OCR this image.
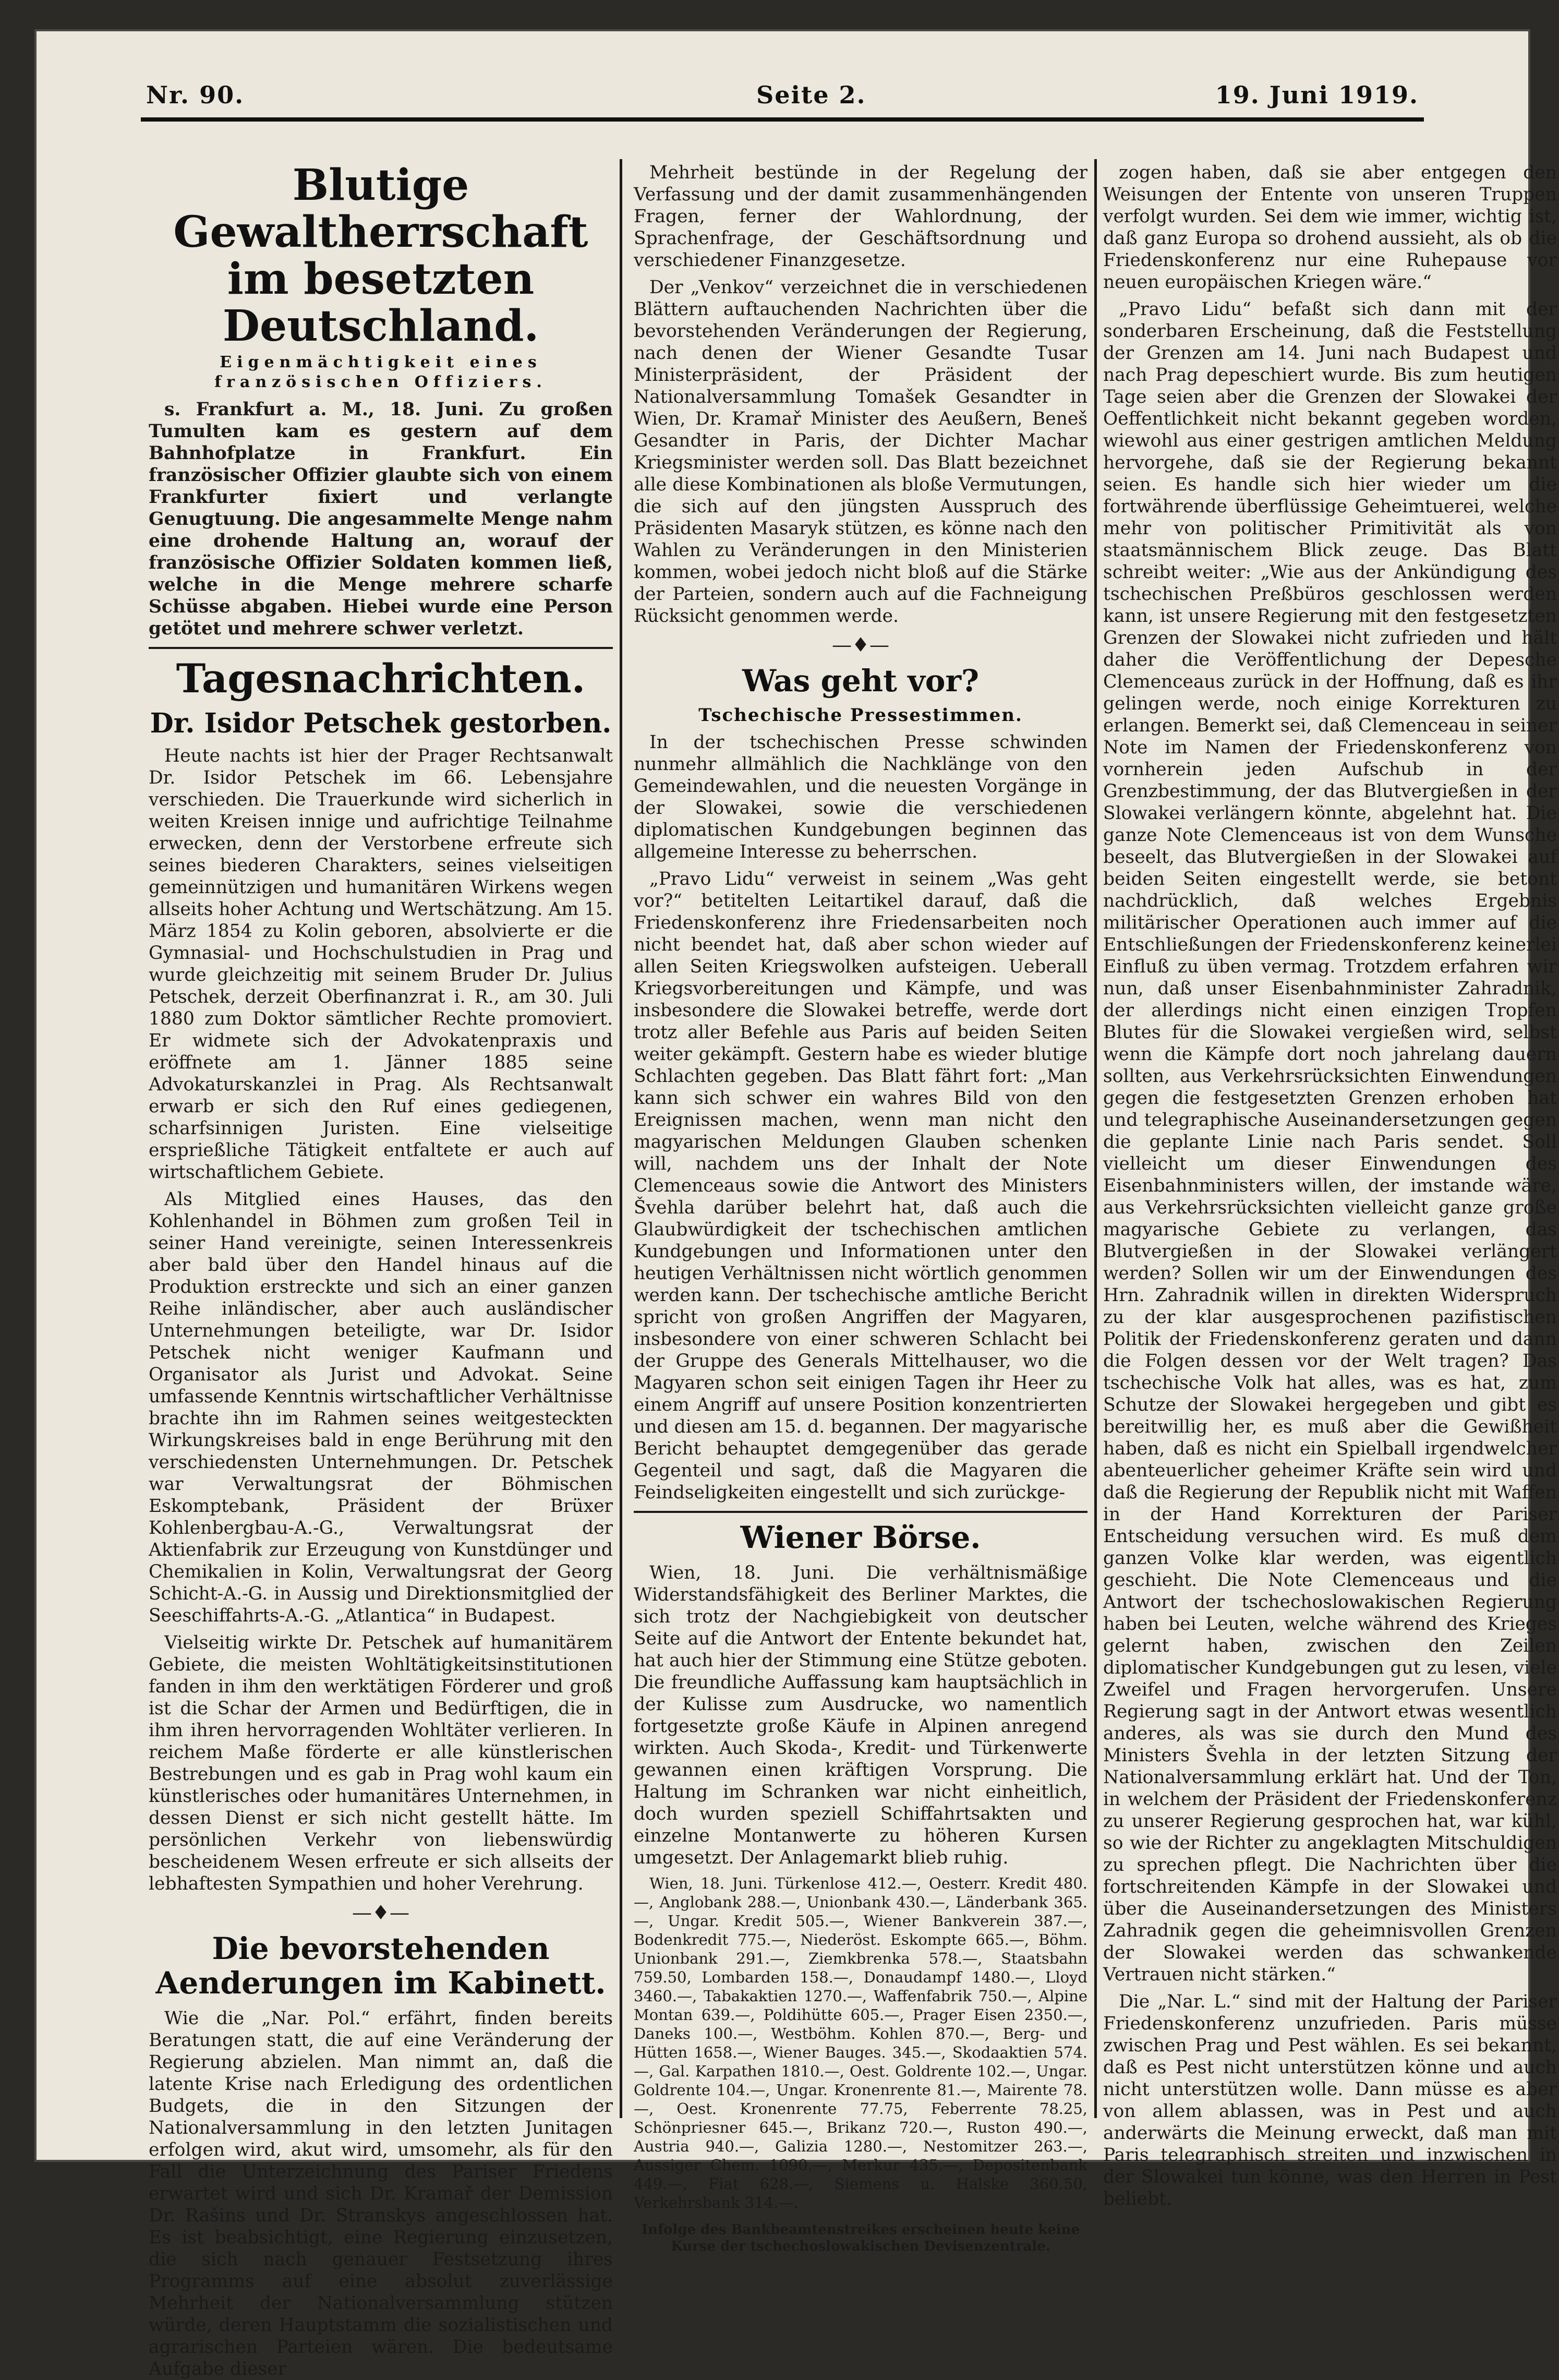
Nr. 90.	Seite 2.	19. Juni 1919.
Blutige Gewaltherrschaft im besetzten Deutschland.
Eigenmächtigkeit eines französischen Offiziers.

s. Frankfurt a. M., 18. Juni. Zu großen Tumulten kam es gestern auf dem Bahnhofplatze in Frankfurt. Ein französischer Offizier glaubte sich von einem Frankfurter fixiert und verlangte Genugtuung. Die angesammelte Menge nahm eine drohende Haltung an, worauf der französische Offizier Soldaten kommen ließ, welche in die Menge mehrere scharfe Schüsse abgaben. Hiebei wurde eine Person getötet und mehrere schwer verletzt.

Tagesnachrichten.
Dr. Isidor Petschek gestorben.

Heute nachts ist hier der Prager Rechtsanwalt Dr. Isidor Petschek im 66. Lebensjahre verschieden. Die Trauerkunde wird sicherlich in weiten Kreisen innige und aufrichtige Teilnahme erwecken, denn der Verstorbene erfreute sich seines biederen Charakters, seines vielseitigen gemeinnützigen und humanitären Wirkens wegen allseits hoher Achtung und Wertschätzung. Am 15. März 1854 zu Kolin geboren, absolvierte er die Gymnasial- und Hochschulstudien in Prag und wurde gleichzeitig mit seinem Bruder Dr. Julius Petschek, derzeit Oberfinanzrat i. R., am 30. Juli 1880 zum Doktor sämtlicher Rechte promoviert. Er widmete sich der Advokatenpraxis und eröffnete am 1. Jänner 1885 seine Advokaturskanzlei in Prag. Als Rechtsanwalt erwarb er sich den Ruf eines gediegenen, scharfsinnigen Juristen. Eine vielseitige ersprießliche Tätigkeit entfaltete er auch auf wirtschaftlichem Gebiete.

Als Mitglied eines Hauses, das den Kohlenhandel in Böhmen zum großen Teil in seiner Hand vereinigte, seinen Interessenkreis aber bald über den Handel hinaus auf die Produktion erstreckte und sich an einer ganzen Reihe inländischer, aber auch ausländischer Unternehmungen beteiligte, war Dr. Isidor Petschek nicht weniger Kaufmann und Organisator als Jurist und Advokat. Seine umfassende Kenntnis wirtschaftlicher Verhältnisse brachte ihn im Rahmen seines weitgesteckten Wirkungskreises bald in enge Berührung mit den verschiedensten Unternehmungen. Dr. Petschek war Verwaltungsrat der Böhmischen Eskomptebank, Präsident der Brüxer Kohlenbergbau-A.-G., Verwaltungsrat der Aktienfabrik zur Erzeugung von Kunstdünger und Chemikalien in Kolin, Verwaltungsrat der Georg Schicht-A.-G. in Aussig und Direktionsmitglied der Seeschiffahrts-A.-G. „Atlantica“ in Budapest.

Vielseitig wirkte Dr. Petschek auf humanitärem Gebiete, die meisten Wohltätigkeitsinstitutionen fanden in ihm den werktätigen Förderer und groß ist die Schar der Armen und Bedürftigen, die in ihm ihren hervorragenden Wohltäter verlieren. In reichem Maße förderte er alle künstlerischen Bestrebungen und es gab in Prag wohl kaum ein künstlerisches oder humanitäres Unternehmen, in dessen Dienst er sich nicht gestellt hätte. Im persönlichen Verkehr von liebenswürdig bescheidenem Wesen erfreute er sich allseits der lebhaftesten Sympathien und hoher Verehrung.

—♦—
Die bevorstehenden Aenderungen im Kabinett.

Wie die „Nar. Pol.“ erfährt, finden bereits Beratungen statt, die auf eine Veränderung der Regierung abzielen. Man nimmt an, daß die latente Krise nach Erledigung des ordentlichen Budgets, die in den Sitzungen der Nationalversammlung in den letzten Junitagen erfolgen wird, akut wird, umsomehr, als für den Fall die Unterzeichnung des Pariser Friedens erwartet wird und sich Dr. Kramař der Demission Dr. Rašins und Dr. Stranskys angeschlossen hat. Es ist beabsichtigt, eine Regierung einzusetzen, die sich nach genauer Festsetzung ihres Programms auf eine absolut zuverlässige Mehrheit der Nationalversammlung stützen würde, deren Hauptstamm die sozialistischen und agrarischen Parteien wären. Die bedeutsame Aufgabe dieser

Mehrheit bestünde in der Regelung der Verfassung und der damit zusammenhängenden Fragen, ferner der Wahlordnung, der Sprachenfrage, der Geschäftsordnung und verschiedener Finanzgesetze.

Der „Venkov“ verzeichnet die in verschiedenen Blättern auftauchenden Nachrichten über die bevorstehenden Veränderungen der Regierung, nach denen der Wiener Gesandte Tusar Ministerpräsident, der Präsident der Nationalversammlung Tomašek Gesandter in Wien, Dr. Kramař Minister des Aeußern, Beneš Gesandter in Paris, der Dichter Machar Kriegsminister werden soll. Das Blatt bezeichnet alle diese Kombinationen als bloße Vermutungen, die sich auf den jüngsten Ausspruch des Präsidenten Masaryk stützen, es könne nach den Wahlen zu Veränderungen in den Ministerien kommen, wobei jedoch nicht bloß auf die Stärke der Parteien, sondern auch auf die Fachneigung Rücksicht genommen werde.

—♦—
Was geht vor?
Tschechische Pressestimmen.

In der tschechischen Presse schwinden nunmehr allmählich die Nachklänge von den Gemeindewahlen, und die neuesten Vorgänge in der Slowakei, sowie die verschiedenen diplomatischen Kundgebungen beginnen das allgemeine Interesse zu beherrschen.

„Pravo Lidu“ verweist in seinem „Was geht vor?“ betitelten Leitartikel darauf, daß die Friedenskonferenz ihre Friedensarbeiten noch nicht beendet hat, daß aber schon wieder auf allen Seiten Kriegswolken aufsteigen. Ueberall Kriegsvorbereitungen und Kämpfe, und was insbesondere die Slowakei betreffe, werde dort trotz aller Befehle aus Paris auf beiden Seiten weiter gekämpft. Gestern habe es wieder blutige Schlachten gegeben. Das Blatt fährt fort: „Man kann sich schwer ein wahres Bild von den Ereignissen machen, wenn man nicht den magyarischen Meldungen Glauben schenken will, nachdem uns der Inhalt der Note Clemenceaus sowie die Antwort des Ministers Švehla darüber belehrt hat, daß auch die Glaubwürdigkeit der tschechischen amtlichen Kundgebungen und Informationen unter den heutigen Verhältnissen nicht wörtlich genommen werden kann. Der tschechische amtliche Bericht spricht von großen Angriffen der Magyaren, insbesondere von einer schweren Schlacht bei der Gruppe des Generals Mittelhauser, wo die Magyaren schon seit einigen Tagen ihr Heer zu einem Angriff auf unsere Position konzentrierten und diesen am 15. d. begannen. Der magyarische Bericht behauptet demgegenüber das gerade Gegenteil und sagt, daß die Magyaren die Feindseligkeiten eingestellt und sich zurückge-

Wiener Börse.

Wien, 18. Juni. Die verhältnismäßige Widerstandsfähigkeit des Berliner Marktes, die sich trotz der Nachgiebigkeit von deutscher Seite auf die Antwort der Entente bekundet hat, hat auch hier der Stimmung eine Stütze geboten. Die freundliche Auffassung kam hauptsächlich in der Kulisse zum Ausdrucke, wo namentlich fortgesetzte große Käufe in Alpinen anregend wirkten. Auch Skoda-, Kredit- und Türkenwerte gewannen einen kräftigen Vorsprung. Die Haltung im Schranken war nicht einheitlich, doch wurden speziell Schiffahrtsakten und einzelne Montanwerte zu höheren Kursen umgesetzt. Der Anlagemarkt blieb ruhig.

Wien, 18. Juni. Türkenlose 412.—, Oesterr. Kredit 480.—, Anglobank 288.—, Unionbank 430.—, Länderbank 365.—, Ungar. Kredit 505.—, Wiener Bankverein 387.—, Bodenkredit 775.—, Niederöst. Eskompte 665.—, Böhm. Unionbank 291.—, Ziemkbrenka 578.—, Staatsbahn 759.50, Lombarden 158.—, Donaudampf 1480.—, Lloyd 3460.—, Tabakaktien 1270.—, Waffenfabrik 750.—, Alpine Montan 639.—, Poldihütte 605.—, Prager Eisen 2350.—, Daneks 100.—, Westböhm. Kohlen 870.—, Berg- und Hütten 1658.—, Wiener Bauges. 345.—, Skodaaktien 574.—, Gal. Karpathen 1810.—, Oest. Goldrente 102.—, Ungar. Goldrente 104.—, Ungar. Kronenrente 81.—, Mairente 78.—, Oest. Kronenrente 77.75, Feberrente 78.25, Schönpriesner 645.—, Brikanz 720.—, Ruston 490.—, Austria 940.—, Galizia 1280.—, Nestomitzer 263.—, Aussiger Chem. 1090.—, Merkur 435.—, Depositenbank 449.—, Fiat 628.—, Siemens u. Halske 360.50, Verkehrsbank 314.—.

Infolge des Bankbeamtenstreikes erscheinen heute keine Kurse der tschechoslowakischen Devisenzentrale.

zogen haben, daß sie aber entgegen den Weisungen der Entente von unseren Truppen verfolgt wurden. Sei dem wie immer, wichtig ist, daß ganz Europa so drohend aussieht, als ob die Friedenskonferenz nur eine Ruhepause vor neuen europäischen Kriegen wäre.“

„Pravo Lidu“ befaßt sich dann mit der sonderbaren Erscheinung, daß die Feststellung der Grenzen am 14. Juni nach Budapest und nach Prag depeschiert wurde. Bis zum heutigen Tage seien aber die Grenzen der Slowakei der Oeffentlichkeit nicht bekannt gegeben worden, wiewohl aus einer gestrigen amtlichen Meldung hervorgehe, daß sie der Regierung bekannt seien. Es handle sich hier wieder um die fortwährende überflüssige Geheimtuerei, welche mehr von politischer Primitivität als von staatsmännischem Blick zeuge. Das Blatt schreibt weiter: „Wie aus der Ankündigung des tschechischen Preßbüros geschlossen werden kann, ist unsere Regierung mit den festgesetzten Grenzen der Slowakei nicht zufrieden und hält daher die Veröffentlichung der Depesche Clemenceaus zurück in der Hoffnung, daß es ihr gelingen werde, noch einige Korrekturen zu erlangen. Bemerkt sei, daß Clemenceau in seiner Note im Namen der Friedenskonferenz von vornherein jeden Aufschub in der Grenzbestimmung, der das Blutvergießen in der Slowakei verlängern könnte, abgelehnt hat. Die ganze Note Clemenceaus ist von dem Wunsche beseelt, das Blutvergießen in der Slowakei auf beiden Seiten eingestellt werde, sie betont nachdrücklich, daß welches Ergebnis militärischer Operationen auch immer auf die Entschließungen der Friedenskonferenz keinerlei Einfluß zu üben vermag. Trotzdem erfahren wir nun, daß unser Eisenbahnminister Zahradnik, der allerdings nicht einen einzigen Tropfen Blutes für die Slowakei vergießen wird, selbst wenn die Kämpfe dort noch jahrelang dauern sollten, aus Verkehrsrücksichten Einwendungen gegen die festgesetzten Grenzen erhoben hat und telegraphische Auseinandersetzungen gegen die geplante Linie nach Paris sendet. Soll vielleicht um dieser Einwendungen des Eisenbahnministers willen, der imstande wäre, aus Verkehrsrücksichten vielleicht ganze große magyarische Gebiete zu verlangen, das Blutvergießen in der Slowakei verlängert werden? Sollen wir um der Einwendungen des Hrn. Zahradnik willen in direkten Widerspruch zu der klar ausgesprochenen pazifistischen Politik der Friedenskonferenz geraten und dann die Folgen dessen vor der Welt tragen? Das tschechische Volk hat alles, was es hat, zum Schutze der Slowakei hergegeben und gibt es bereitwillig her, es muß aber die Gewißheit haben, daß es nicht ein Spielball irgendwelcher abenteuerlicher geheimer Kräfte sein wird und daß die Regierung der Republik nicht mit Waffen in der Hand Korrekturen der Pariser Entscheidung versuchen wird. Es muß dem ganzen Volke klar werden, was eigentlich geschieht. Die Note Clemenceaus und die Antwort der tschechoslowakischen Regierung haben bei Leuten, welche während des Krieges gelernt haben, zwischen den Zeilen diplomatischer Kundgebungen gut zu lesen, viele Zweifel und Fragen hervorgerufen. Unsere Regierung sagt in der Antwort etwas wesentlich anderes, als was sie durch den Mund des Ministers Švehla in der letzten Sitzung der Nationalversammlung erklärt hat. Und der Ton, in welchem der Präsident der Friedenskonferenz zu unserer Regierung gesprochen hat, war kühl, so wie der Richter zu angeklagten Mitschuldigen zu sprechen pflegt. Die Nachrichten über die fortschreitenden Kämpfe in der Slowakei und über die Auseinandersetzungen des Ministers Zahradnik gegen die geheimnisvollen Grenzen der Slowakei werden das schwankende Vertrauen nicht stärken.“

Die „Nar. L.“ sind mit der Haltung der Pariser Friedenskonferenz unzufrieden. Paris müsse zwischen Prag und Pest wählen. Es sei bekannt, daß es Pest nicht unterstützen könne und auch nicht unterstützen wolle. Dann müsse es aber von allem ablassen, was in Pest und auch anderwärts die Meinung erweckt, daß man mit Paris telegraphisch streiten und inzwischen in der Slowakei tun könne, was den Herren in Pest beliebt.
